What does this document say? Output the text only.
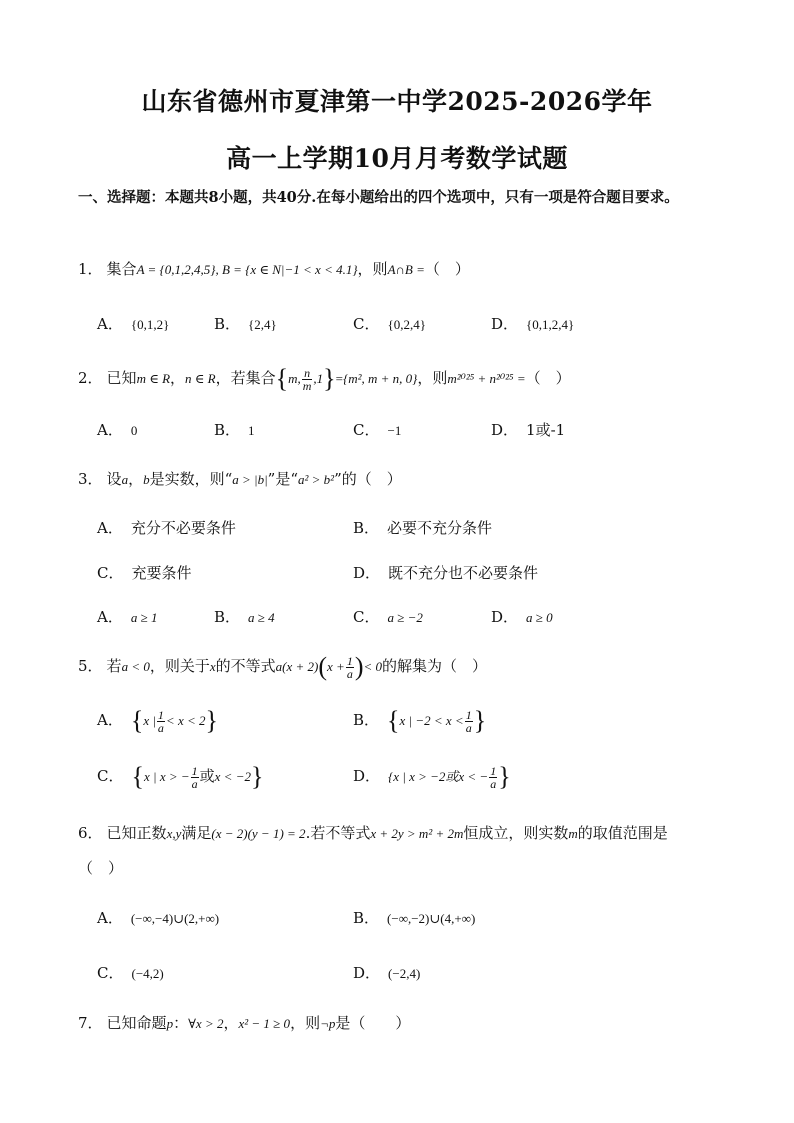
山东省德州市夏津第一中学2025-2026学年
高一上学期10月月考数学试题
一、选择题：本题共8小题，共40分.在每小题给出的四个选项中，只有一项是符合题目要求。
1． 集合A = {0,1,2,4,5}, B = {x ∈ N|−1 < x < 4.1}，则A∩B =（　）
A． {0,1,2}	B． {2,4}	C． {0,2,4}	D． {0,1,2,4}
2． 已知m ∈ R，n ∈ R，若集合{m, $\frac{n}{m} ,1\}=\{m^2$, m + n, 0}，则m²⁰²⁵ + n²⁰²⁵ =（　）
A． 0	B． 1	C． −1	D． 1或-1
3． 设a，b是实数，则“a > |b|”是“a² > b²”的（　）
A． 充分不必要条件	B． 必要不充分条件
C． 充要条件	D． 既不充分也不必要条件
A． a ≥ 1	B． a ≥ 4	C． a ≥ −2	D． a ≥ 0
5． 若a < 0，则关于x的不等式$a(x + 2)(x + \frac{1}{a}$ )< 0的解集为（　）
A． {x | $\frac{1}{a} < x < 2$}	B． {x | $-2 < x < \frac{1}{a}$ }
C． {x | x > − $\frac{1}{a}$ 或x < −2}	D． {x | x > −2或x < − $\frac{1}{a}$ }
6． 已知正数x,y满足(x − 2)(y − 1) = 2.若不等式x + 2y > m² + 2m恒成立，则实数m的取值范围是
（　）
A． (−∞,−4)∪(2,+∞)	B． (−∞,−2)∪(4,+∞)
C． (−4,2)	D． (−2,4)
7． 已知命题p：∀x > 2，x² − 1 ≥ 0，则¬p是（　　）
